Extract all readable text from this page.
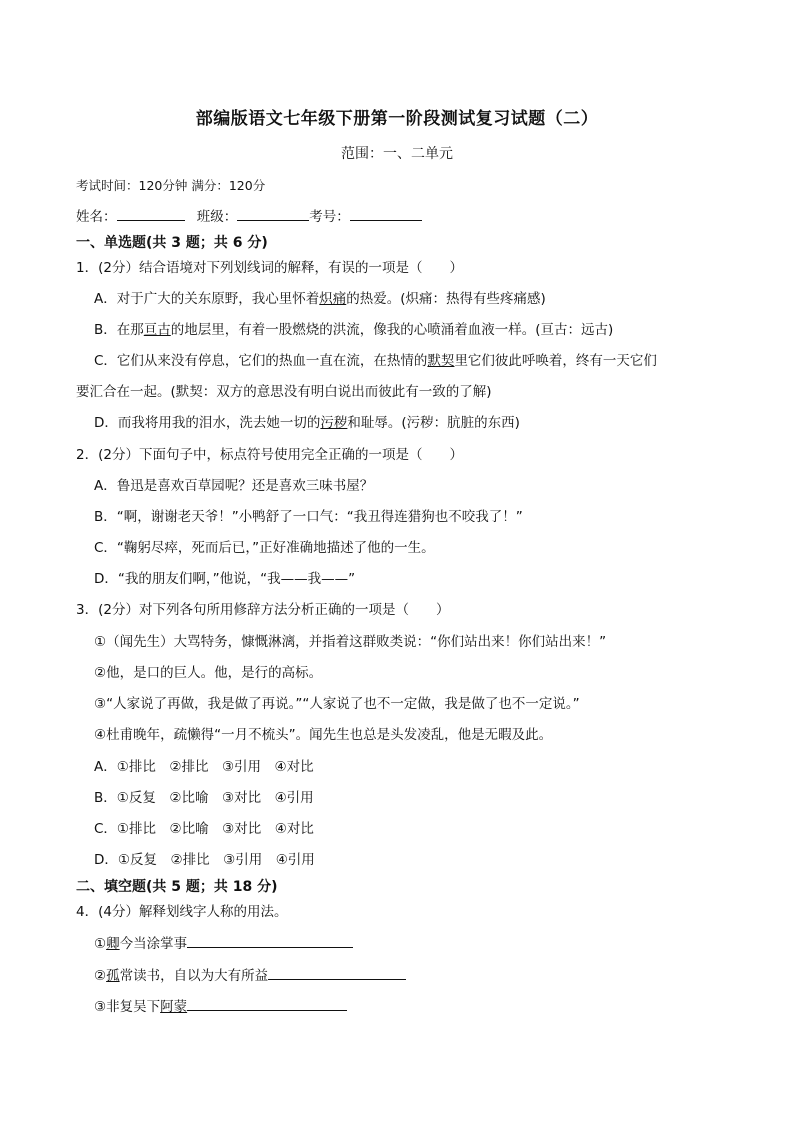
部编版语文七年级下册第一阶段测试复习试题（二）
范围：一、二单元
考试时间：120分钟 满分：120分
姓名：	班级：	考号：
一、单选题(共 3 题；共 6 分)
1．(2分）结合语境对下列划线词的解释，有误的一项是（　　）
A．对于广大的关东原野，我心里怀着炽痛的热爱。(炽痛：热得有些疼痛感)
B．在那亘古的地层里，有着一股燃烧的洪流，像我的心喷涌着血液一样。(亘古：远古)
C．它们从来没有停息，它们的热血一直在流，在热情的默契里它们彼此呼唤着，终有一天它们
要汇合在一起。(默契：双方的意思没有明白说出而彼此有一致的了解)
D．而我将用我的泪水，洗去她一切的污秽和耻辱。(污秽：肮脏的东西)
2．(2分）下面句子中，标点符号使用完全正确的一项是（　　）
A．鲁迅是喜欢百草园呢？还是喜欢三味书屋？
B．“啊，谢谢老天爷！”小鸭舒了一口气：“我丑得连猎狗也不咬我了！”
C．“鞠躬尽瘁，死而后已，”正好准确地描述了他的一生。
D．“我的朋友们啊，”他说，“我——我——”
3．(2分）对下列各句所用修辞方法分析正确的一项是（　　）
①（闻先生）大骂特务，慷慨淋漓，并指着这群败类说：“你们站出来！你们站出来！”
②他，是口的巨人。他，是行的高标。
③“人家说了再做，我是做了再说。”“人家说了也不一定做，我是做了也不一定说。”
④杜甫晚年，疏懒得“一月不梳头”。闻先生也总是头发凌乱，他是无暇及此。
A．①排比　②排比　③引用　④对比
B．①反复　②比喻　③对比　④引用
C．①排比　②比喻　③对比　④对比
D．①反复　②排比　③引用　④引用
二、填空题(共 5 题；共 18 分)
4．(4分）解释划线字人称的用法。
①卿今当涂掌事
②孤常读书，自以为大有所益
③非复吴下阿蒙
